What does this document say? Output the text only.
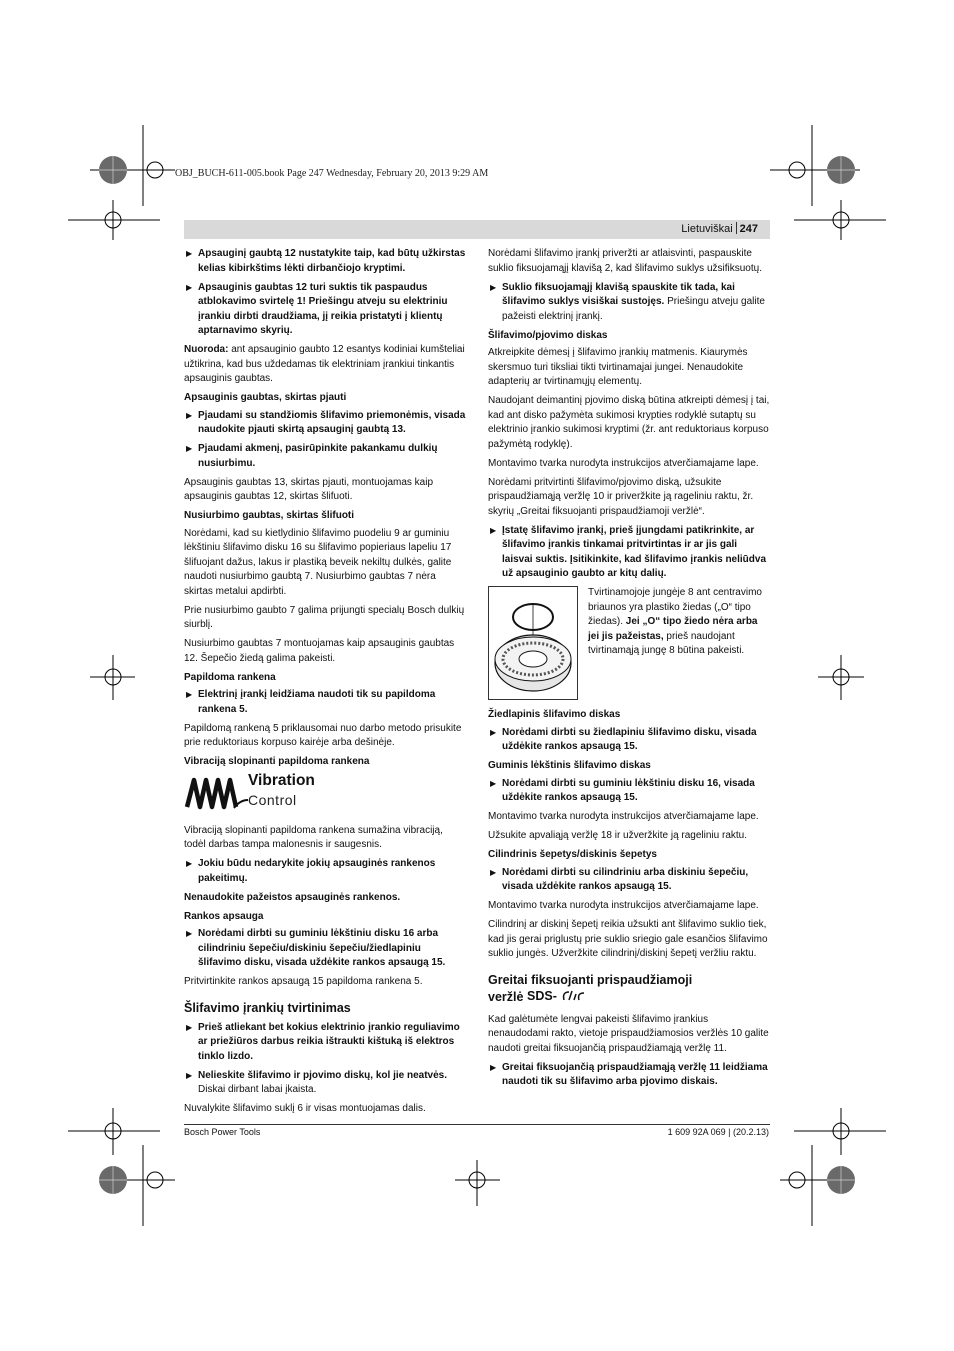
OBJ_BUCH-611-005.book Page 247 Wednesday, February 20, 2013 9:29 AM
Lietuviškai 247
▶ Apsauginį gaubtą 12 nustatykite taip, kad būtų užkirstas kelias kibirkštims lėkti dirbančiojo kryptimi.
▶ Apsauginis gaubtas 12 turi suktis tik paspaudus atblokavimo svirtelę 1! Priešingu atveju su elektriniu įrankiu dirbti draudžiama, jį reikia pristatyti į klientų aptarnavimo skyrių.

Nuoroda: ant apsauginio gaubto 12 esantys kodiniai kumšteliai užtikrina, kad bus uždedamas tik elektriniam įrankiui tinkantis apsauginis gaubtas.

Apsauginis gaubtas, skirtas pjauti
▶ Pjaudami su standžiomis šlifavimo priemonėmis, visada naudokite pjauti skirtą apsauginį gaubtą 13.
▶ Pjaudami akmenį, pasirūpinkite pakankamu dulkių nusiurbimu.

Apsauginis gaubtas 13, skirtas pjauti, montuojamas kaip apsauginis gaubtas 12, skirtas šlifuoti.

Nusiurbimo gaubtas, skirtas šlifuoti

Norėdami, kad su kietlydinio šlifavimo puodeliu 9 ar guminiu lėkštiniu šlifavimo disku 16 su šlifavimo popieriaus lapeliu 17 šlifuojant dažus, lakus ir plastiką beveik nekiltų dulkės, galite naudoti nusiurbimo gaubtą 7. Nusiurbimo gaubtas 7 nėra skirtas metalui apdirbti.

Prie nusiurbimo gaubto 7 galima prijungti specialų Bosch dulkių siurblį.

Nusiurbimo gaubtas 7 montuojamas kaip apsauginis gaubtas 12. Šepečio žiedą galima pakeisti.

Papildoma rankena
▶ Elektrinį įrankį leidžiama naudoti tik su papildoma rankena 5.

Papildomą rankeną 5 priklausomai nuo darbo metodo prisukite prie reduktoriaus korpuso kairėje arba dešinėje.

Vibraciją slopinanti papildoma rankena
Vibration
Control

Vibraciją slopinanti papildoma rankena sumažina vibraciją, todėl darbas tampa malonesnis ir saugesnis.

▶ Jokiu būdu nedarykite jokių apsauginės rankenos pakeitimų.

Nenaudokite pažeistos apsauginės rankenos.

Rankos apsauga
▶ Norėdami dirbti su guminiu lėkštiniu disku 16 arba cilindriniu šepečiu/diskiniu šepečiu/žiedlapiniu šlifavimo disku, visada uždėkite rankos apsaugą 15.

Pritvirtinkite rankos apsaugą 15 papildoma rankena 5.

Šlifavimo įrankių tvirtinimas
▶ Prieš atliekant bet kokius elektrinio įrankio reguliavimo ar priežiūros darbus reikia ištraukti kištuką iš elektros tinklo lizdo.
▶ Nelieskite šlifavimo ir pjovimo diskų, kol jie neatvės. Diskai dirbant labai įkaista.

Nuvalykite šlifavimo suklį 6 ir visas montuojamas dalis.

Norėdami šlifavimo įrankį priveržti ar atlaisvinti, paspauskite suklio fiksuojamąjį klavišą 2, kad šlifavimo suklys užsifiksuotų.

▶ Suklio fiksuojamąjį klavišą spauskite tik tada, kai šlifavimo suklys visiškai sustojęs. Priešingu atveju galite pažeisti elektrinį įrankį.
Šlifavimo/pjovimo diskas

Atkreipkite dėmesį į šlifavimo įrankių matmenis. Kiaurymės skersmuo turi tiksliai tikti tvirtinamajai jungei. Nenaudokite adapterių ar tvirtinamųjų elementų.

Naudojant deimantinį pjovimo diską būtina atkreipti dėmesį į tai, kad ant disko pažymėta sukimosi krypties rodyklė sutaptų su elektrinio įrankio sukimosi kryptimi (žr. ant reduktoriaus korpuso pažymėtą rodyklę).

Montavimo tvarka nurodyta instrukcijos atverčiamajame lape.

Norėdami pritvirtinti šlifavimo/pjovimo diską, užsukite prispaudžiamąją veržlę 10 ir priveržkite ją rageliniu raktu, žr. skyrių „Greitai fiksuojanti prispaudžiamoji veržlė“.

▶ Įstatę šlifavimo įrankį, prieš įjungdami patikrinkite, ar šlifavimo įrankis tinkamai pritvirtintas ir ar jis gali laisvai suktis. Įsitikinkite, kad šlifavimo įrankis neliūdva už apsauginio gaubto ar kitų dalių.
Tvirtinamojoje jungėje 8 ant centravimo briaunos yra plastiko žiedas („O“ tipo žiedas). Jei „O“ tipo žiedo nėra arba jei jis pažeistas, prieš naudojant tvirtinamąją jungę 8 būtina pakeisti.
Žiedlapinis šlifavimo diskas
▶ Norėdami dirbti su žiedlapiniu šlifavimo disku, visada uždėkite rankos apsaugą 15.
Guminis lėkštinis šlifavimo diskas
▶ Norėdami dirbti su guminiu lėkštiniu disku 16, visada uždėkite rankos apsaugą 15.

Montavimo tvarka nurodyta instrukcijos atverčiamajame lape.

Užsukite apvaliąją veržlę 18 ir užveržkite ją rageliniu raktu.

Cilindrinis šepetys/diskinis šepetys
▶ Norėdami dirbti su cilindriniu arba diskiniu šepečiu, visada uždėkite rankos apsaugą 15.

Montavimo tvarka nurodyta instrukcijos atverčiamajame lape.

Cilindrinį ar diskinį šepetį reikia užsukti ant šlifavimo suklio tiek, kad jis gerai priglustų prie suklio sriegio gale esančios šlifavimo suklio jungės. Užveržkite cilindrinį/diskinį šepetį veržliu raktu.

Greitai fiksuojanti prispaudžiamoji
veržlė SDS-

Kad galėtumėte lengvai pakeisti šlifavimo įrankius nenaudodami rakto, vietoje prispaudžiamosios veržlės 10 galite naudoti greitai fiksuojančią prispaudžiamąją veržlę 11.

▶ Greitai fiksuojančią prispaudžiamąją veržlę 11 leidžiama naudoti tik su šlifavimo arba pjovimo diskais.
Bosch Power Tools	1 609 92A 069 | (20.2.13)
